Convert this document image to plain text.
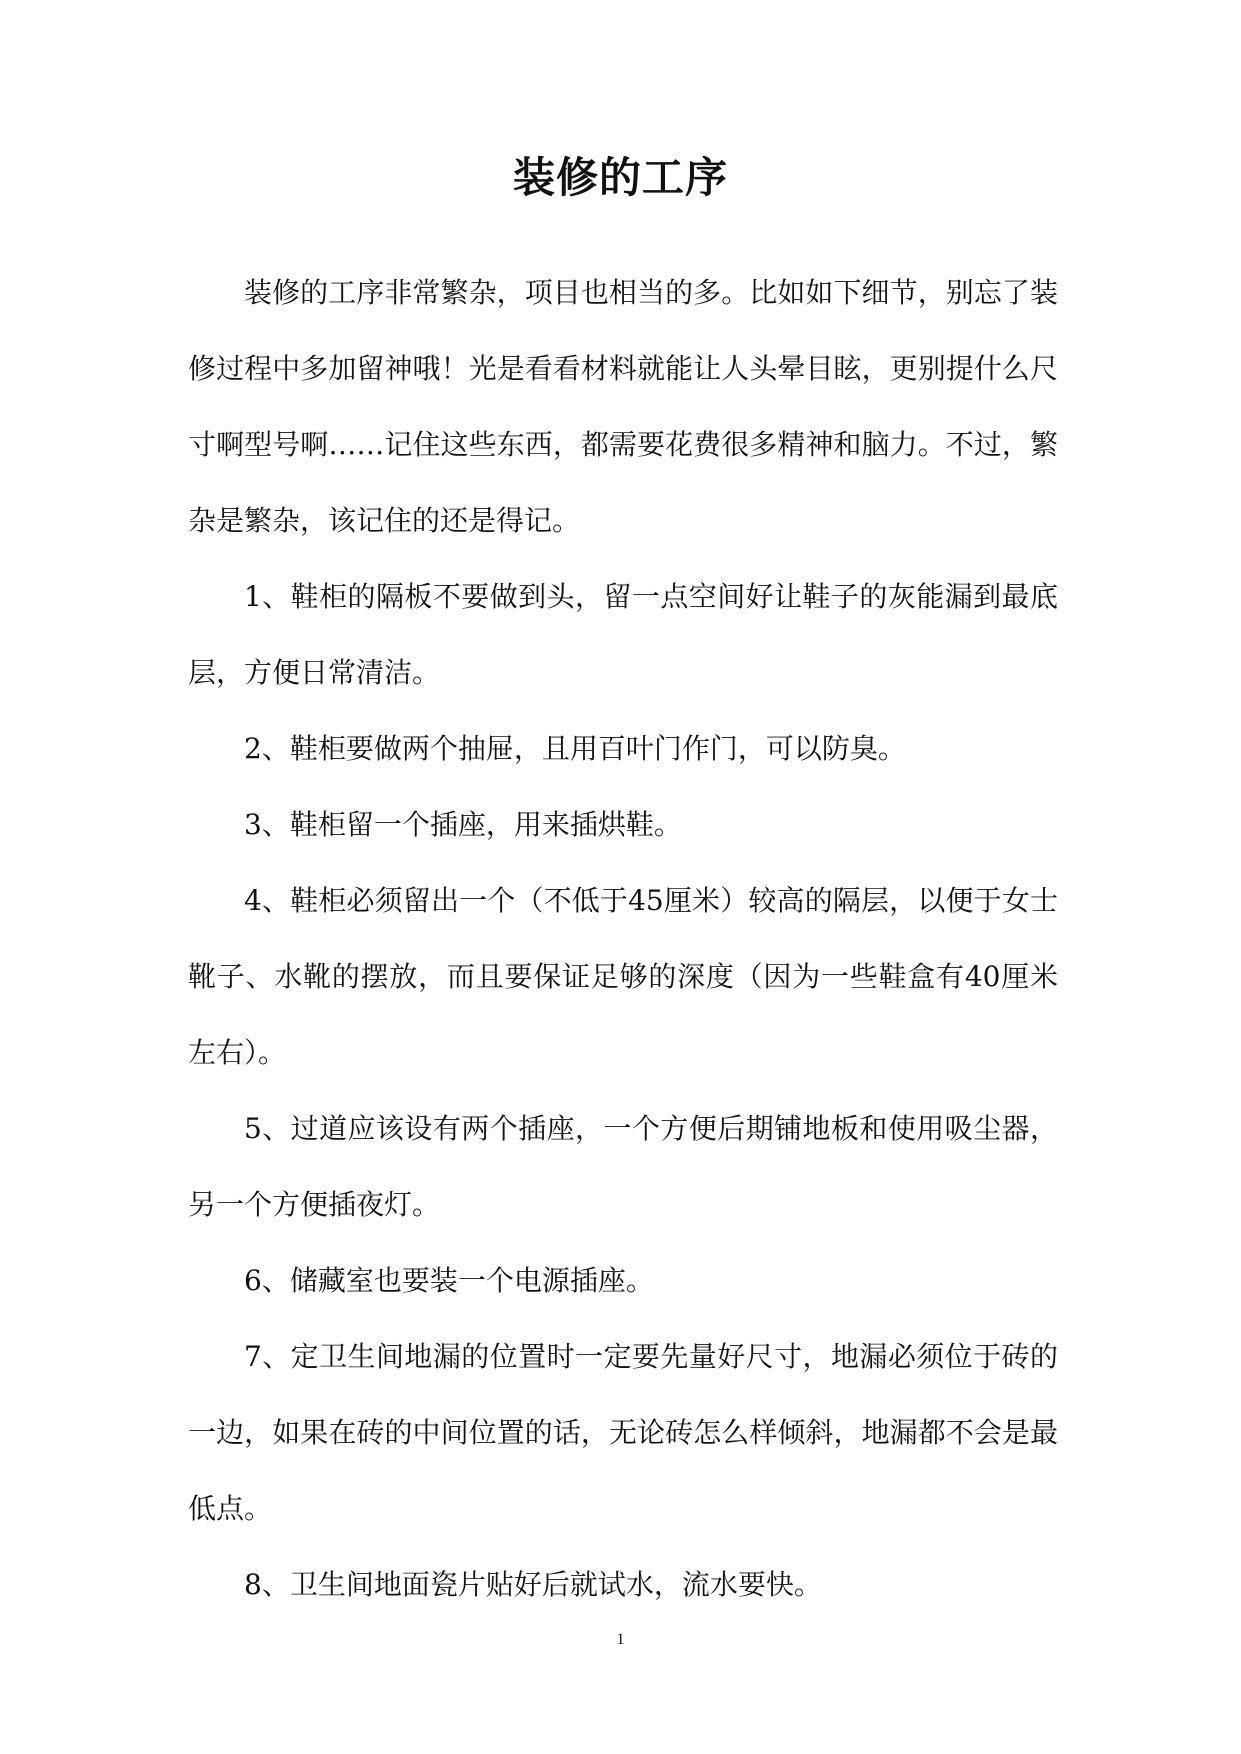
装修的工序

装修的工序非常繁杂，项目也相当的多。比如如下细节，别忘了装修过程中多加留神哦！光是看看材料就能让人头晕目眩，更别提什么尺寸啊型号啊……记住这些东西，都需要花费很多精神和脑力。不过，繁杂是繁杂，该记住的还是得记。

1、鞋柜的隔板不要做到头，留一点空间好让鞋子的灰能漏到最底层，方便日常清洁。

2、鞋柜要做两个抽屉，且用百叶门作门，可以防臭。

3、鞋柜留一个插座，用来插烘鞋。

4、鞋柜必须留出一个（不低于45厘米）较高的隔层，以便于女士靴子、水靴的摆放，而且要保证足够的深度（因为一些鞋盒有40厘米左右）。

5、过道应该设有两个插座，一个方便后期铺地板和使用吸尘器，另一个方便插夜灯。

6、储藏室也要装一个电源插座。

7、定卫生间地漏的位置时一定要先量好尺寸，地漏必须位于砖的一边，如果在砖的中间位置的话，无论砖怎么样倾斜，地漏都不会是最低点。

8、卫生间地面瓷片贴好后就试水，流水要快。

1
